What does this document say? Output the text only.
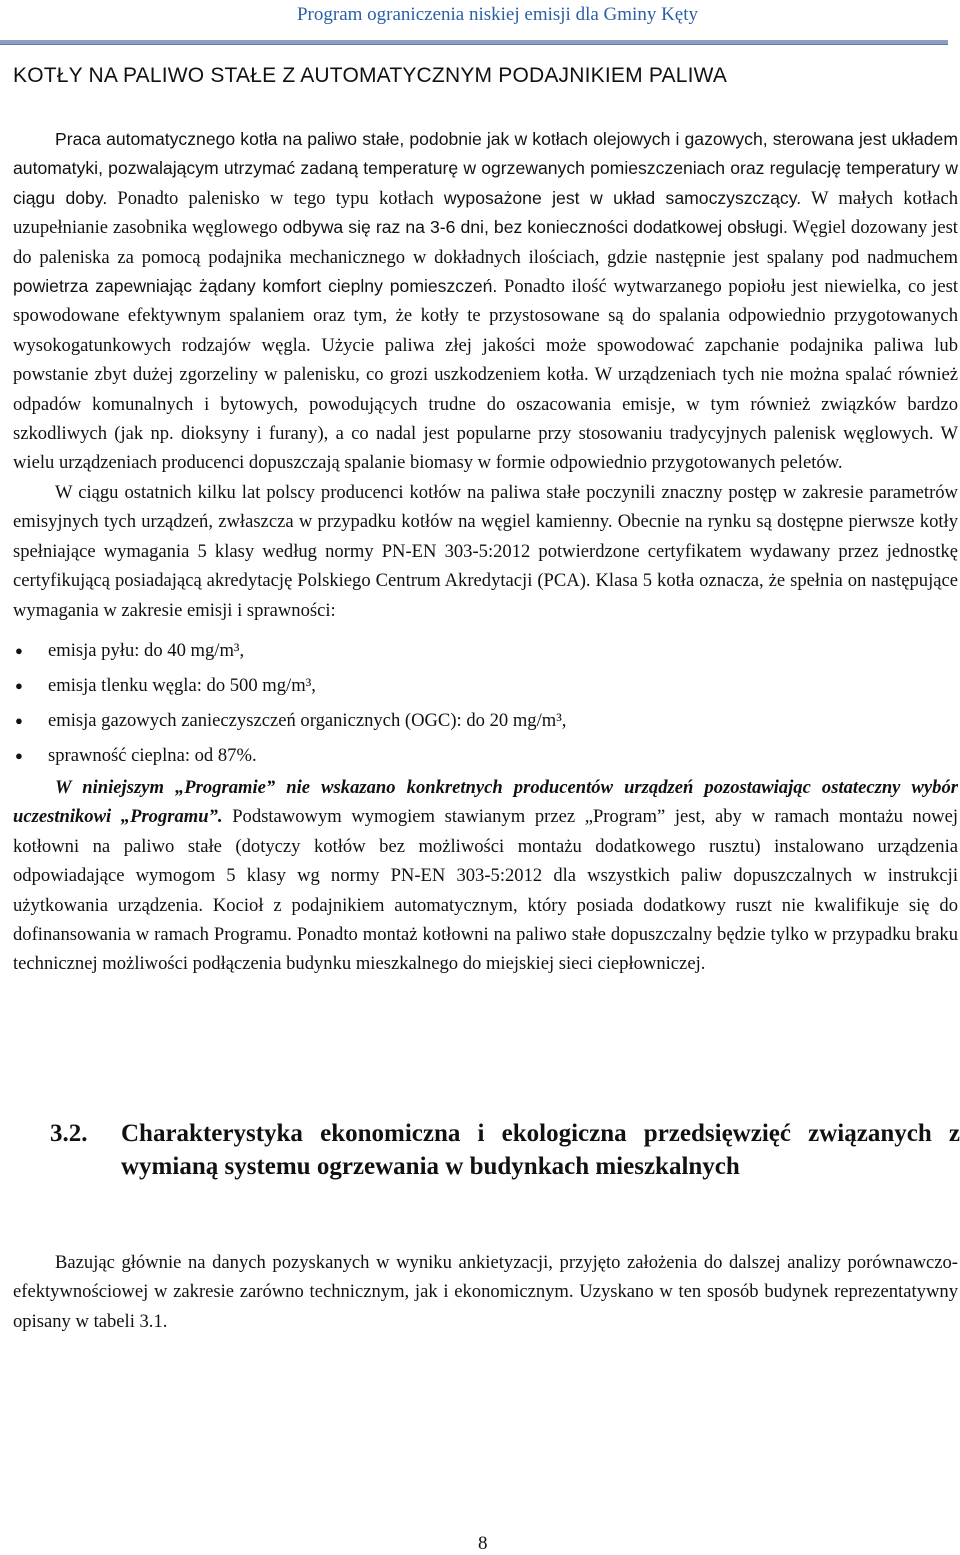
Program ograniczenia niskiej emisji dla Gminy Kęty
KOTŁY NA PALIWO STAŁE Z AUTOMATYCZNYM PODAJNIKIEM PALIWA

Praca automatycznego kotła na paliwo stałe, podobnie jak w kotłach olejowych i gazowych, sterowana jest układem automatyki, pozwalającym utrzymać zadaną temperaturę w ogrzewanych pomieszczeniach oraz regulację temperatury w ciągu doby. Ponadto palenisko w tego typu kotłach wyposażone jest w układ samoczyszczący. W małych kotłach uzupełnianie zasobnika węglowego odbywa się raz na 3-6 dni, bez konieczności dodatkowej obsługi. Węgiel dozowany jest do paleniska za pomocą podajnika mechanicznego w dokładnych ilościach, gdzie następnie jest spalany pod nadmuchem powietrza zapewniając żądany komfort cieplny pomieszczeń. Ponadto ilość wytwarzanego popiołu jest niewielka, co jest spowodowane efektywnym spalaniem oraz tym, że kotły te przystosowane są do spalania odpowiednio przygotowanych wysokogatunkowych rodzajów węgla. Użycie paliwa złej jakości może spowodować zapchanie podajnika paliwa lub powstanie zbyt dużej zgorzeliny w palenisku, co grozi uszkodzeniem kotła. W urządzeniach tych nie można spalać również odpadów komunalnych i bytowych, powodujących trudne do oszacowania emisje, w tym również związków bardzo szkodliwych (jak np. dioksyny i furany), a co nadal jest popularne przy stosowaniu tradycyjnych palenisk węglowych. W wielu urządzeniach producenci dopuszczają spalanie biomasy w formie odpowiednio przygotowanych peletów.

W ciągu ostatnich kilku lat polscy producenci kotłów na paliwa stałe poczynili znaczny postęp w zakresie parametrów emisyjnych tych urządzeń, zwłaszcza w przypadku kotłów na węgiel kamienny. Obecnie na rynku są dostępne pierwsze kotły spełniające wymagania 5 klasy według normy PN-EN 303-5:2012 potwierdzone certyfikatem wydawany przez jednostkę certyfikującą posiadającą akredytację Polskiego Centrum Akredytacji (PCA). Klasa 5 kotła oznacza, że spełnia on następujące wymagania w zakresie emisji i sprawności:

● emisja pyłu: do 40 mg/m³,
● emisja tlenku węgla: do 500 mg/m³,
● emisja gazowych zanieczyszczeń organicznych (OGC): do 20 mg/m³,
● sprawność cieplna: od 87%.

W niniejszym „Programie” nie wskazano konkretnych producentów urządzeń pozostawiając ostateczny wybór uczestnikowi „Programu”. Podstawowym wymogiem stawianym przez „Program” jest, aby w ramach montażu nowej kotłowni na paliwo stałe (dotyczy kotłów bez możliwości montażu dodatkowego rusztu) instalowano urządzenia odpowiadające wymogom 5 klasy wg normy PN-EN 303-5:2012 dla wszystkich paliw dopuszczalnych w instrukcji użytkowania urządzenia. Kocioł z podajnikiem automatycznym, który posiada dodatkowy ruszt nie kwalifikuje się do dofinansowania w ramach Programu. Ponadto montaż kotłowni na paliwo stałe dopuszczalny będzie tylko w przypadku braku technicznej możliwości podłączenia budynku mieszkalnego do miejskiej sieci ciepłowniczej.

3.2. Charakterystyka ekonomiczna i ekologiczna przedsięwzięć związanych z wymianą systemu ogrzewania w budynkach mieszkalnych

Bazując głównie na danych pozyskanych w wyniku ankietyzacji, przyjęto założenia do dalszej analizy porównawczo-efektywnościowej w zakresie zarówno technicznym, jak i ekonomicznym. Uzyskano w ten sposób budynek reprezentatywny opisany w tabeli 3.1.

8
